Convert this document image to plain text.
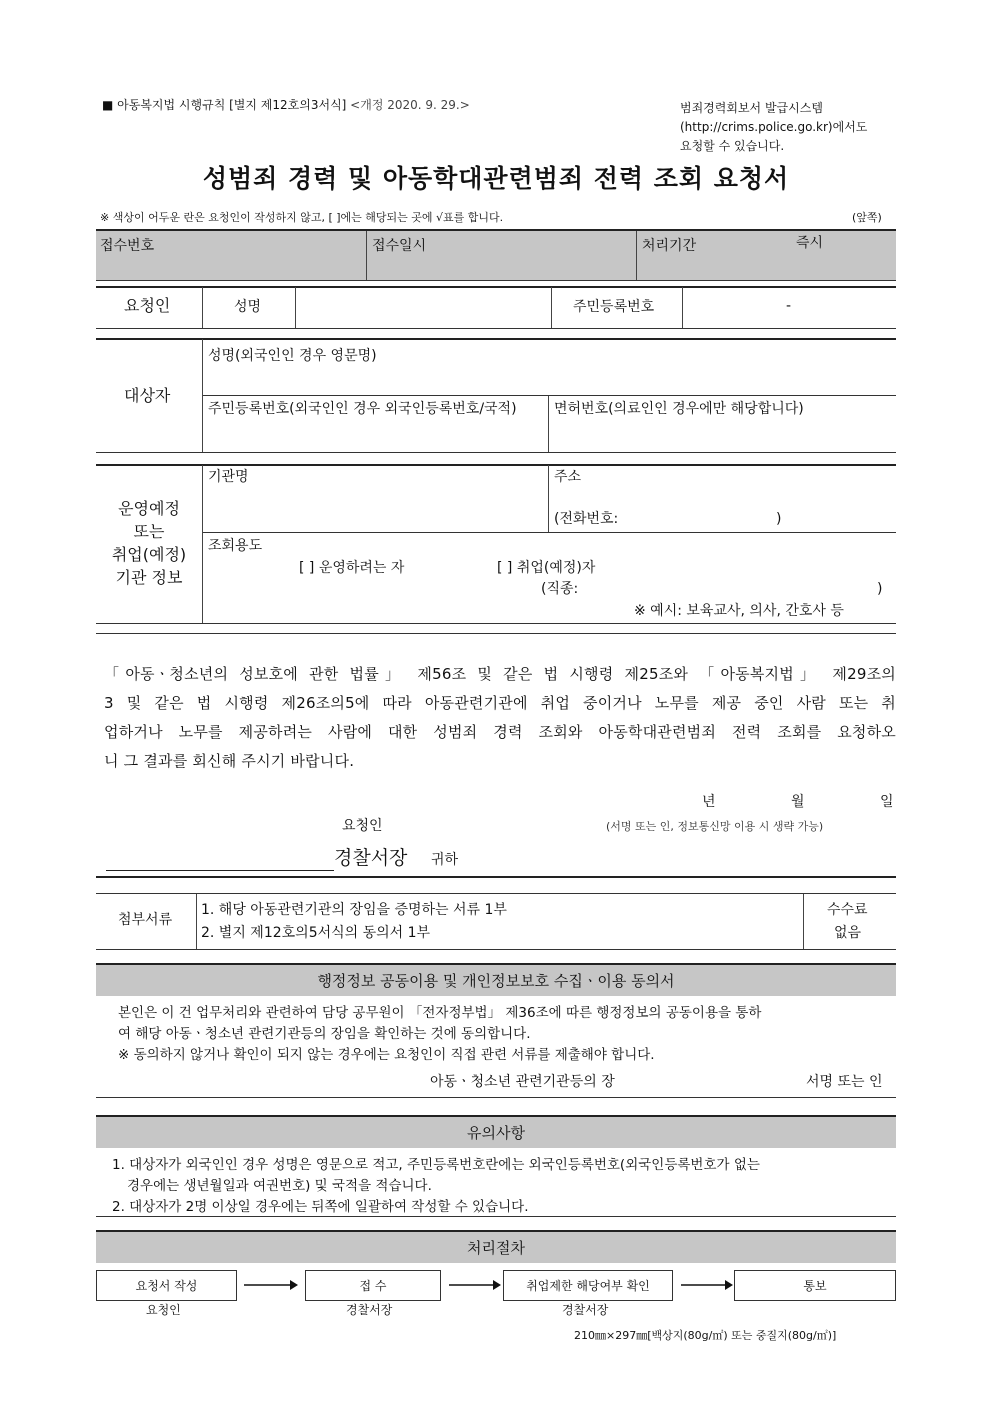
■ 아동복지법 시행규칙 [별지 제12호의3서식] <개정 2020. 9. 29.>	범죄경력회보서 발급시스템
(http://crims.police.go.kr)에서도
요청할 수 있습니다.
성범죄 경력 및 아동학대관련범죄 전력 조회 요청서
※ 색상이 어두운 란은 요청인이 작성하지 않고, [ ]에는 해당되는 곳에 √표를 합니다.	(앞쪽)
접수번호	접수일시	처리기간	즉시
요청인	성명	주민등록번호	-
대상자
성명(외국인인 경우 영문명)
주민등록번호(외국인인 경우 외국인등록번호/국적)	면허번호(의료인인 경우에만 해당합니다)
운영예정
또는
취업(예정)
기관 정보
기관명	주소
(전화번호:	)
조회용도
[ ] 운영하려는 자	[ ] 취업(예정)자
(직종:	)
※ 예시: 보육교사, 의사, 간호사 등
「아동ㆍ청소년의 성보호에 관한 법률」 제56조 및 같은 법 시행령 제25조와 「아동복지법」 제29조의
3 및 같은 법 시행령 제26조의5에 따라 아동관련기관에 취업 중이거나 노무를 제공 중인 사람 또는 취
업하거나 노무를 제공하려는 사람에 대한 성범죄 경력 조회와 아동학대관련범죄 전력 조회를 요청하오
니 그 결과를 회신해 주시기 바랍니다.
년	월	일
요청인	(서명 또는 인, 정보통신망 이용 시 생략 가능)
경찰서장 귀하
첨부서류
1. 해당 아동관련기관의 장임을 증명하는 서류 1부
2. 별지 제12호의5서식의 동의서 1부
수수료
없음
행정정보 공동이용 및 개인정보보호 수집ㆍ이용 동의서
본인은 이 건 업무처리와 관련하여 담당 공무원이 「전자정부법」 제36조에 따른 행정정보의 공동이용을 통하
여 해당 아동ㆍ청소년 관련기관등의 장임을 확인하는 것에 동의합니다.
※ 동의하지 않거나 확인이 되지 않는 경우에는 요청인이 직접 관련 서류를 제출해야 합니다.
아동ㆍ청소년 관련기관등의 장	서명 또는 인
유의사항
1. 대상자가 외국인인 경우 성명은 영문으로 적고, 주민등록번호란에는 외국인등록번호(외국인등록번호가 없는
경우에는 생년월일과 여권번호) 및 국적을 적습니다.
2. 대상자가 2명 이상일 경우에는 뒤쪽에 일괄하여 작성할 수 있습니다.
처리절차
요청서 작성	접 수	취업제한 해당여부 확인	통보
요청인	경찰서장	경찰서장
210㎜×297㎜[백상지(80g/㎡) 또는 중질지(80g/㎡)]
